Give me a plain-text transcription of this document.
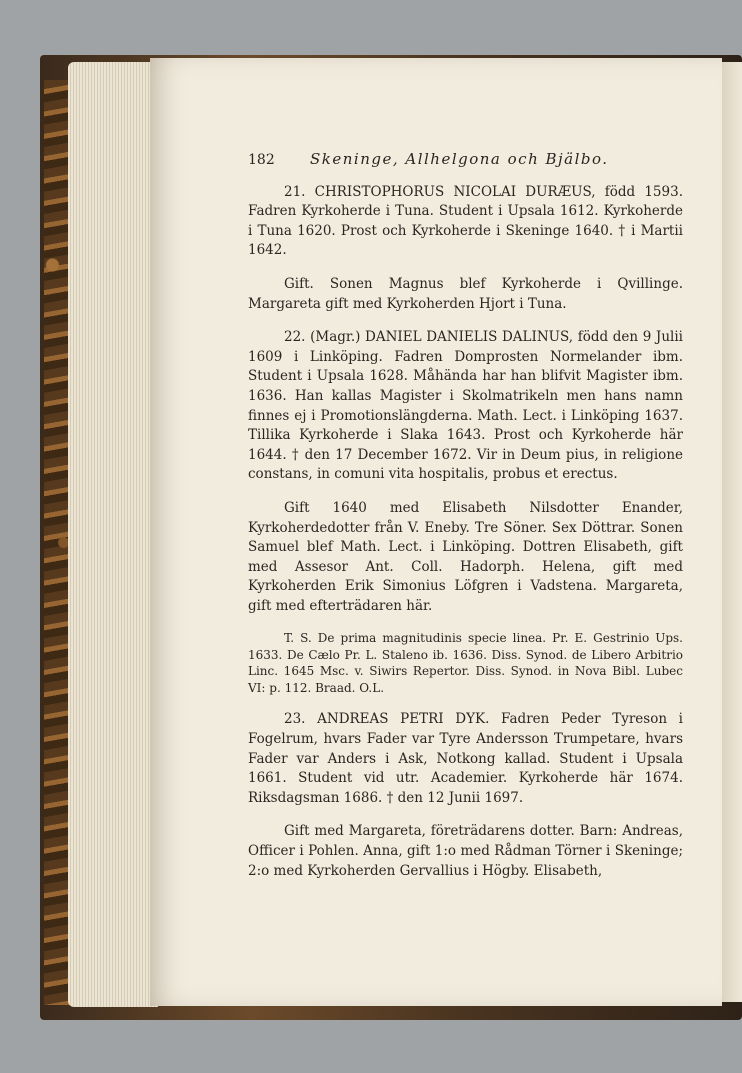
182	Skeninge, Allhelgona och Bjälbo.

21. CHRISTOPHORUS NICOLAI DURÆUS, född 1593. Fadren Kyrkoherde i Tuna. Student i Upsala 1612. Kyrkoherde i Tuna 1620. Prost och Kyrkoherde i Skeninge 1640. † i Martii 1642.

Gift. Sonen Magnus blef Kyrkoherde i Qvillinge. Margareta gift med Kyrkoherden Hjort i Tuna.

22. (Magr.) DANIEL DANIELIS DALINUS, född den 9 Julii 1609 i Linköping. Fadren Domprosten Normelander ibm. Student i Upsala 1628. Måhända har han blifvit Magister ibm. 1636. Han kallas Magister i Skolmatrikeln men hans namn finnes ej i Promotionslängderna. Math. Lect. i Linköping 1637. Tillika Kyrkoherde i Slaka 1643. Prost och Kyrkoherde här 1644. † den 17 December 1672. Vir in Deum pius, in religione constans, in comuni vita hospitalis, probus et erectus.

Gift 1640 med Elisabeth Nilsdotter Enander, Kyrkoherdedotter från V. Eneby. Tre Söner. Sex Döttrar. Sonen Samuel blef Math. Lect. i Linköping. Dottren Elisabeth, gift med Assesor Ant. Coll. Hadorph. Helena, gift med Kyrkoherden Erik Simonius Löfgren i Vadstena. Margareta, gift med efterträdaren här.

T. S. De prima magnitudinis specie linea. Pr. E. Gestrinio Ups. 1633. De Cælo Pr. L. Staleno ib. 1636. Diss. Synod. de Libero Arbitrio Linc. 1645 Msc. v. Siwirs Repertor. Diss. Synod. in Nova Bibl. Lubec VI: p. 112. Braad. O.L.

23. ANDREAS PETRI DYK. Fadren Peder Tyreson i Fogelrum, hvars Fader var Tyre Andersson Trumpetare, hvars Fader var Anders i Ask, Notkong kallad. Student i Upsala 1661. Student vid utr. Academier. Kyrkoherde här 1674. Riksdagsman 1686. † den 12 Junii 1697.

Gift med Margareta, företrädarens dotter. Barn: Andreas, Officer i Pohlen. Anna, gift 1:o med Rådman Törner i Skeninge; 2:o med Kyrkoherden Gervallius i Högby. Elisabeth,
